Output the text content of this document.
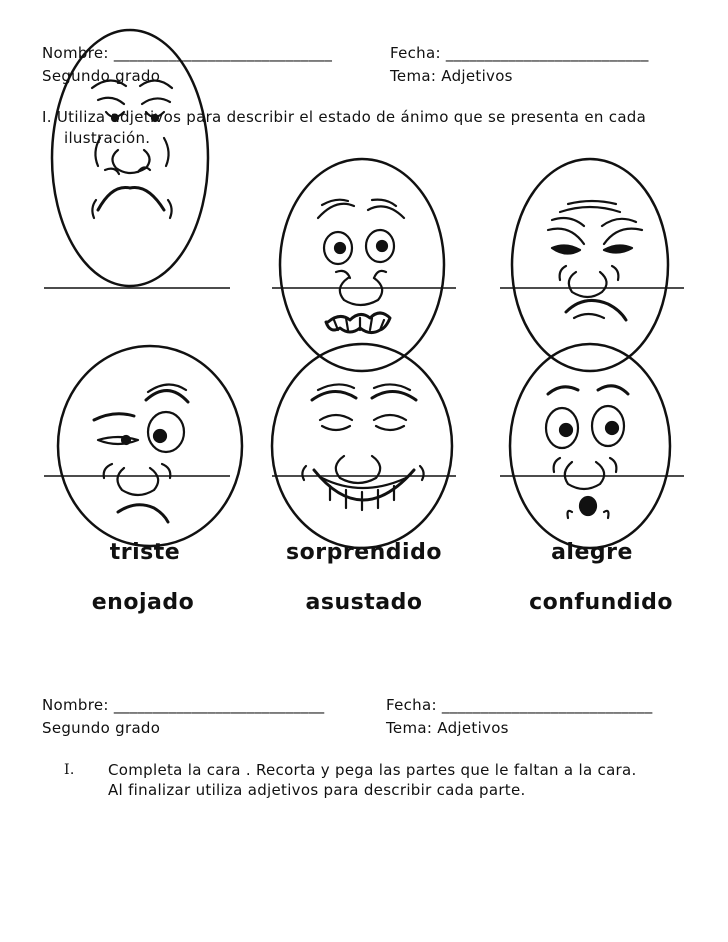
Nombre: ____________________________	Fecha: __________________________
Segundo grado	Tema: Adjetivos
I. Utiliza adjetivos para describir el estado de ánimo que se presenta en cada
ilustración.
triste	sorprendido	alegre
enojado	asustado	confundido
Nombre: ___________________________	Fecha: ___________________________
Segundo grado	Tema: Adjetivos
I. Completa la cara . Recorta y pega las partes que le faltan a la cara.
Al finalizar utiliza adjetivos para describir cada parte.
